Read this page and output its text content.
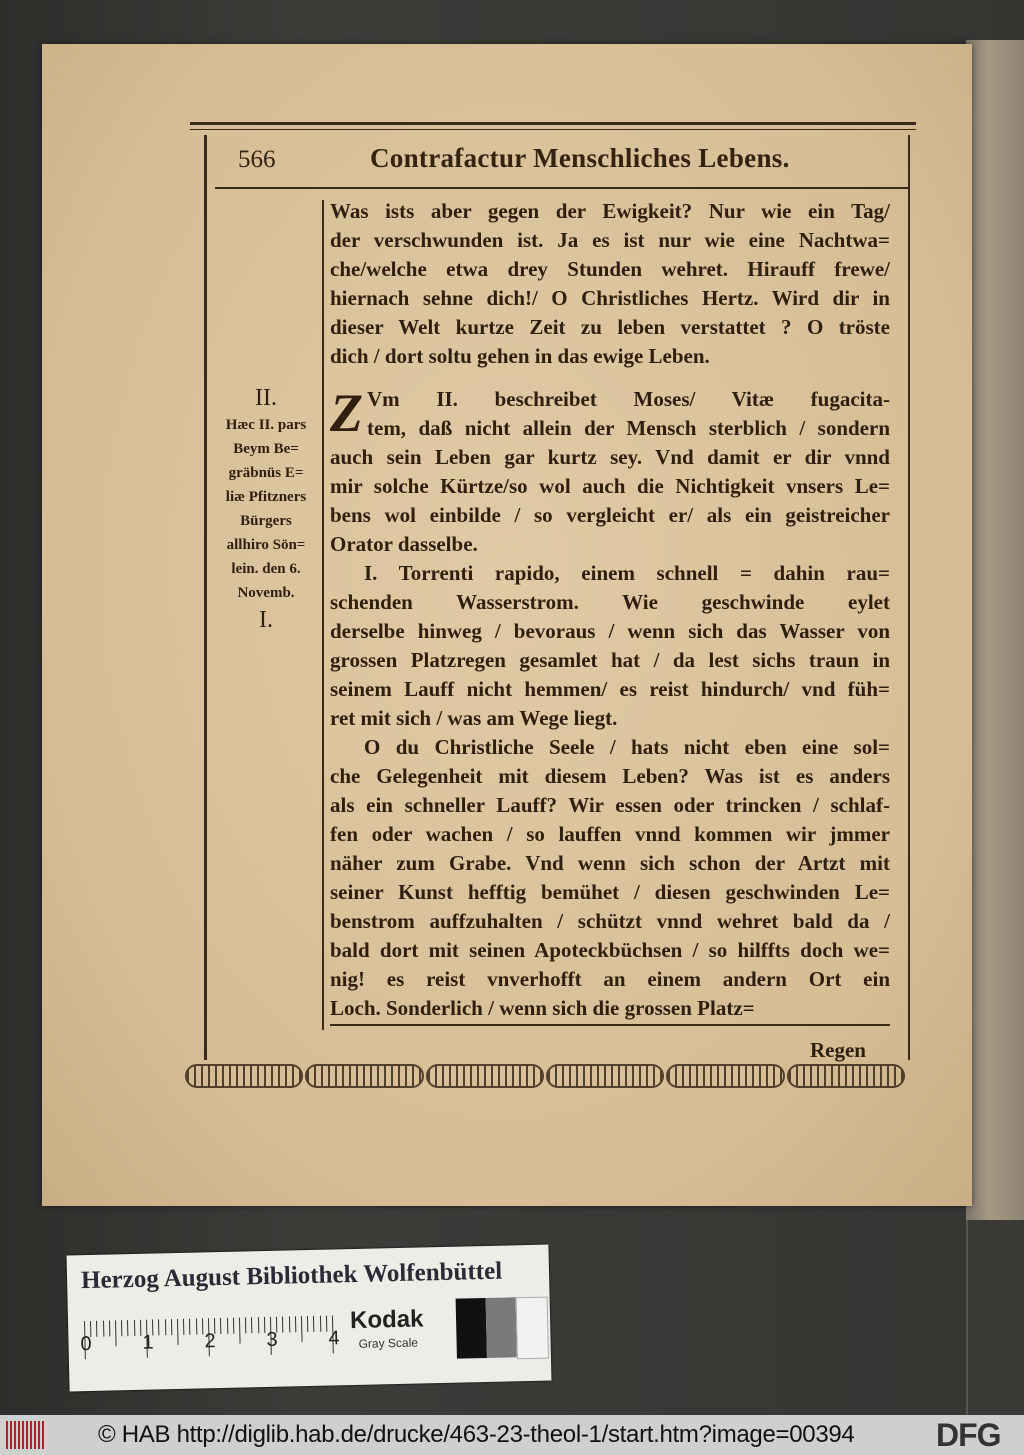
566	Contrafactur Menschliches Lebens.
Was ists aber gegen der Ewigkeit? Nur wie ein Tag/
der verschwunden ist. Ja es ist nur wie eine Nachtwa=
che/welche etwa drey Stunden wehret. Hirauff frewe/
hiernach sehne dich!/ O Christliches Hertz. Wird dir in
dieser Welt kurtze Zeit zu leben verstattet ? O tröste
dich / dort soltu gehen in das ewige Leben.
Z Vm II. beschreibet Moses/ Vitæ fugacita-
tem, daß nicht allein der Mensch sterblich / sondern
auch sein Leben gar kurtz sey. Vnd damit er dir vnnd
mir solche Kürtze/so wol auch die Nichtigkeit vnsers Le=
bens wol einbilde / so vergleicht er/ als ein geistreicher
Orator dasselbe.
I. Torrenti rapido, einem schnell = dahin rau=
schenden Wasserstrom. Wie geschwinde eylet
derselbe hinweg / bevoraus / wenn sich das Wasser von
grossen Platzregen gesamlet hat / da lest sichs traun in
seinem Lauff nicht hemmen/ es reist hindurch/ vnd füh=
ret mit sich / was am Wege liegt.
O du Christliche Seele / hats nicht eben eine sol=
che Gelegenheit mit diesem Leben? Was ist es anders
als ein schneller Lauff? Wir essen oder trincken / schlaf-
fen oder wachen / so lauffen vnnd kommen wir jmmer
näher zum Grabe. Vnd wenn sich schon der Artzt mit
seiner Kunst hefftig bemühet / diesen geschwinden Le=
benstrom auffzuhalten / schützt vnnd wehret bald da /
bald dort mit seinen Apoteckbüchsen / so hilffts doch we=
nig! es reist vnverhofft an einem andern Ort ein
Loch. Sonderlich / wenn sich die grossen Platz=
II.
Hæc II. pars
Beym Be=
gräbnüs E=
liæ Pfitzners
Bürgers
allhiro Sön=
lein. den 6.
Novemb.
I.
Regen
Herzog August Bibliothek Wolfenbüttel
Kodak
Gray Scale
0	1	2	3	4
© HAB http://diglib.hab.de/drucke/463-23-theol-1/start.htm?image=00394	DFG
